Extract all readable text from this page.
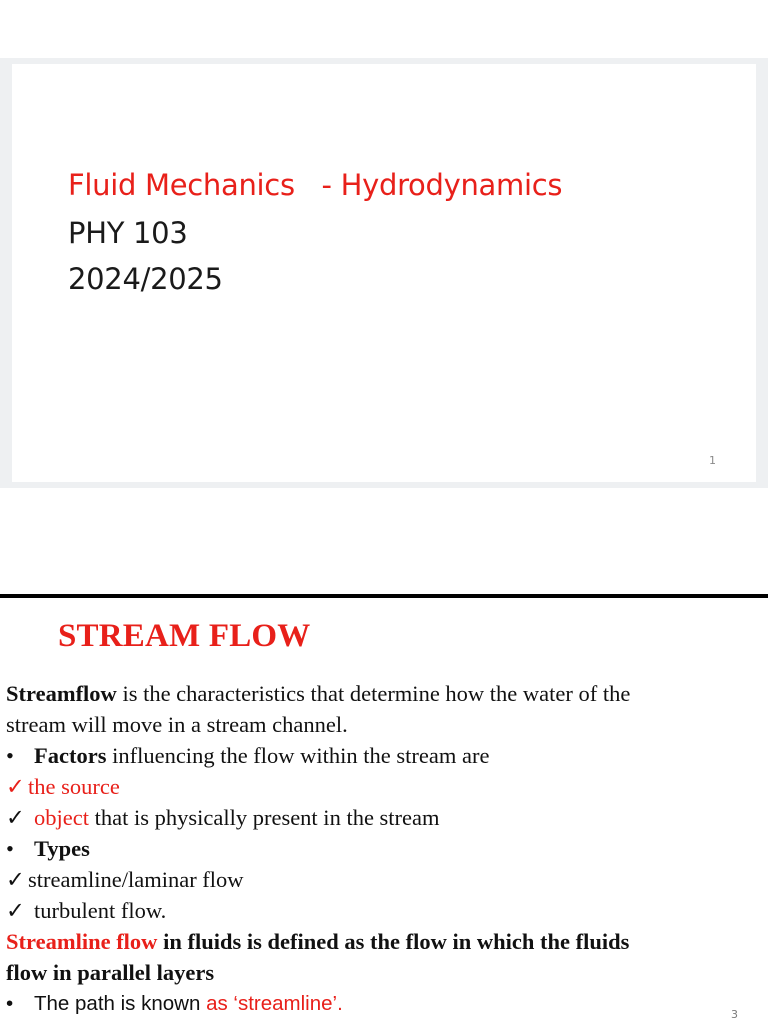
Fluid Mechanics   - Hydrodynamics
PHY 103
2024/2025
1
STREAM FLOW
Streamflow is the characteristics that determine how the water of the
stream will move in a stream channel.
• Factors influencing the flow within the stream are
✓ the source
✓ object that is physically present in the stream
• Types
✓ streamline/laminar flow
✓ turbulent flow.
Streamline flow in fluids is defined as the flow in which the fluids
flow in parallel layers
• The path is known as ‘streamline’.	3
